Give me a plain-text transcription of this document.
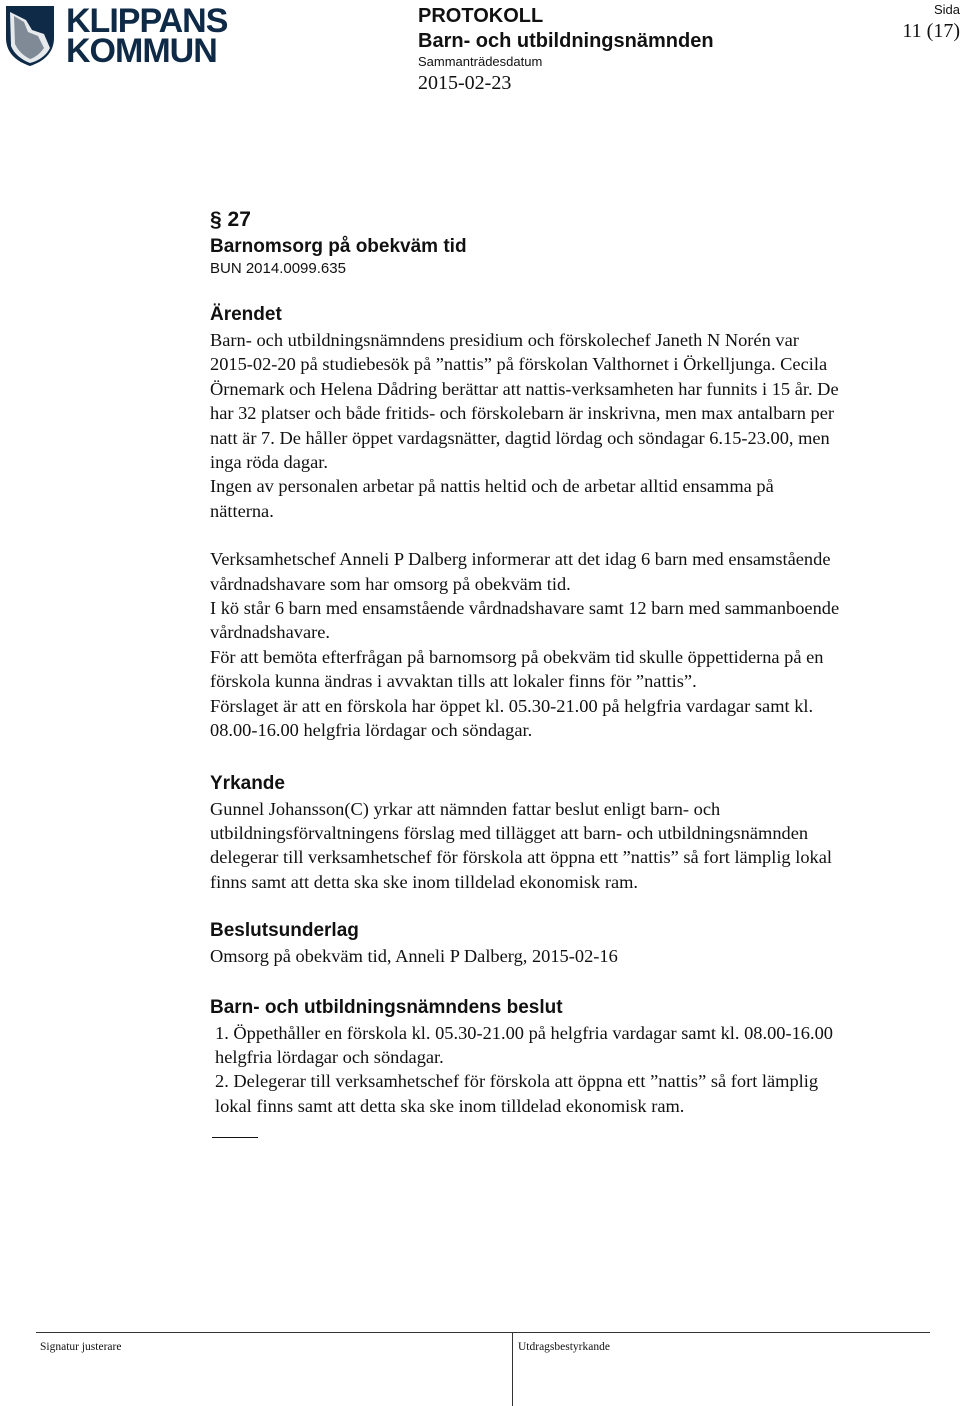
KLIPPANS
KOMMUN
PROTOKOLL
Barn- och utbildningsnämnden
Sammanträdesdatum
2015-02-23
Sida
11 (17)
§ 27
Barnomsorg på obekväm tid
BUN 2014.0099.635
Ärendet
Barn- och utbildningsnämndens presidium och förskolechef Janeth N Norén var
2015-02-20 på studiebesök på ”nattis” på förskolan Valthornet i Örkelljunga. Cecila
Örnemark och Helena Dådring berättar att nattis-verksamheten har funnits i 15 år. De
har 32 platser och både fritids- och förskolebarn är inskrivna, men max antalbarn per
natt är 7. De håller öppet vardagsnätter, dagtid lördag och söndagar 6.15-23.00, men
inga röda dagar.
Ingen av personalen arbetar på nattis heltid och de arbetar alltid ensamma på
nätterna.
Verksamhetschef Anneli P Dalberg informerar att det idag 6 barn med ensamstående
vårdnadshavare som har omsorg på obekväm tid.
I kö står 6 barn med ensamstående vårdnadshavare samt 12 barn med sammanboende
vårdnadshavare.
För att bemöta efterfrågan på barnomsorg på obekväm tid skulle öppettiderna på en
förskola kunna ändras i avvaktan tills att lokaler finns för ”nattis”.
Förslaget är att en förskola har öppet kl. 05.30-21.00 på helgfria vardagar samt kl.
08.00-16.00 helgfria lördagar och söndagar.
Yrkande
Gunnel Johansson(C) yrkar att nämnden fattar beslut enligt barn- och
utbildningsförvaltningens förslag med tillägget att barn- och utbildningsnämnden
delegerar till verksamhetschef för förskola att öppna ett ”nattis” så fort lämplig lokal
finns samt att detta ska ske inom tilldelad ekonomisk ram.
Beslutsunderlag
Omsorg på obekväm tid, Anneli P Dalberg, 2015-02-16
Barn- och utbildningsnämndens beslut
1. Öppethåller en förskola kl. 05.30-21.00 på helgfria vardagar samt kl. 08.00-16.00
helgfria lördagar och söndagar.
2. Delegerar till verksamhetschef för förskola att öppna ett ”nattis” så fort lämplig
lokal finns samt att detta ska ske inom tilldelad ekonomisk ram.
Signatur justerare	Utdragsbestyrkande
